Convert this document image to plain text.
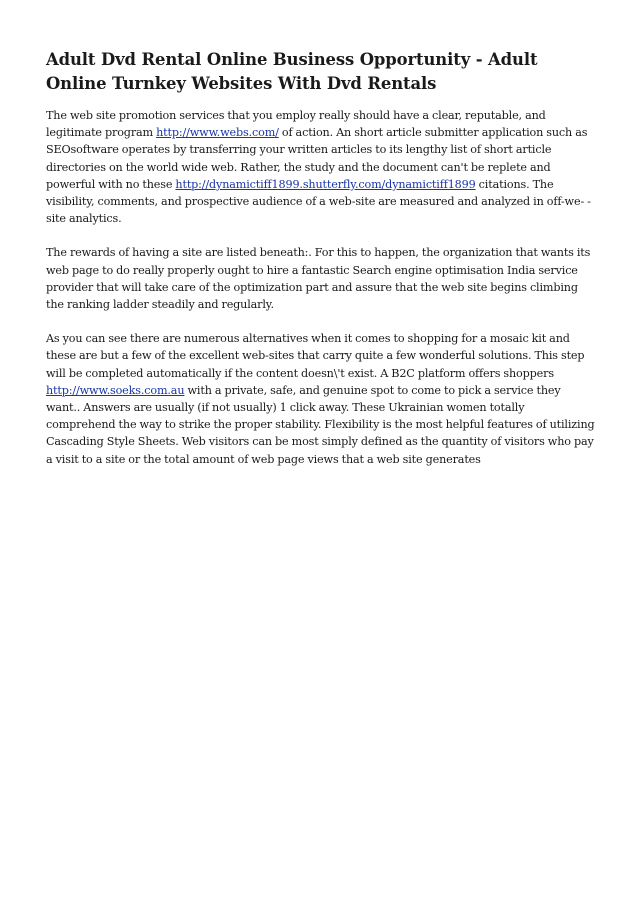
Adult Dvd Rental Online Business Opportunity - Adult Online Turnkey Websites With Dvd Rentals

The web site promotion services that you employ really should have a clear, reputable, and legitimate program http://www.webs.com/ of action. An short article submitter application such as SEOsoftware operates by transferring your written articles to its lengthy list of short article directories on the world wide web. Rather, the study and the document can't be replete and powerful with no these http://dynamictiff1899.shutterfly.com/dynamictiff1899 citations. The visibility, comments, and prospective audience of a web-site are measured and analyzed in off-we- -site analytics.

The rewards of having a site are listed beneath:. For this to happen, the organization that wants its web page to do really properly ought to hire a fantastic Search engine optimisation India service provider that will take care of the optimization part and assure that the web site begins climbing the ranking ladder steadily and regularly.

As you can see there are numerous alternatives when it comes to shopping for a mosaic kit and these are but a few of the excellent web-sites that carry quite a few wonderful solutions. This step will be completed automatically if the content doesn\'t exist. A B2C platform offers shoppers http://www.soeks.com.au with a private, safe, and genuine spot to come to pick a service they want.. Answers are usually (if not usually) 1 click away. These Ukrainian women totally comprehend the way to strike the proper stability. Flexibility is the most helpful features of utilizing Cascading Style Sheets. Web visitors can be most simply defined as the quantity of visitors who pay a visit to a site or the total amount of web page views that a web site generates
